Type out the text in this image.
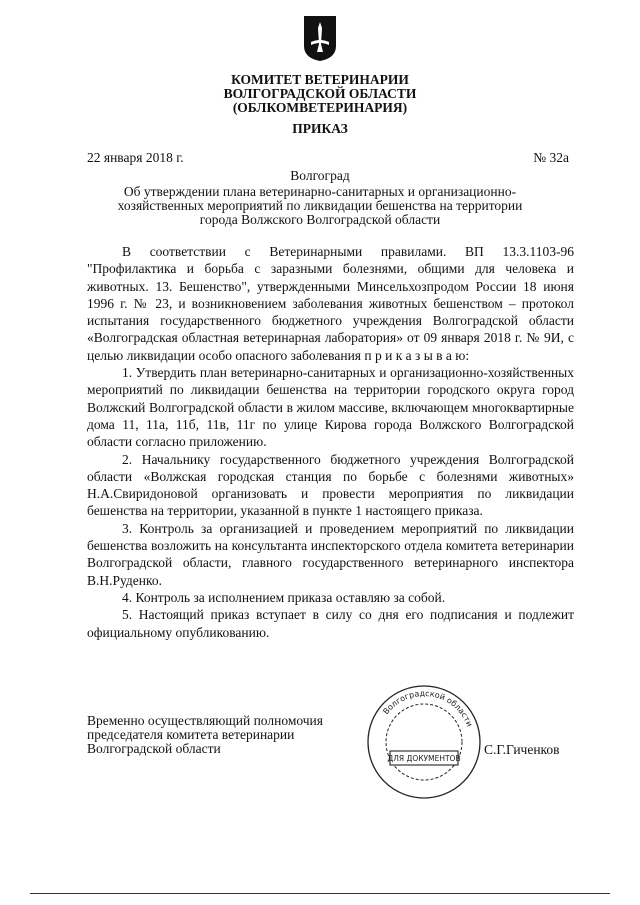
КОМИТЕТ ВЕТЕРИНАРИИ
ВОЛГОГРАДСКОЙ ОБЛАСТИ
(ОБЛКОМВЕТЕРИНАРИЯ)
ПРИКАЗ
22 января 2018 г.	№ 32а
Волгоград
Об утверждении плана ветеринарно-санитарных и организационно-
хозяйственных мероприятий по ликвидации бешенства на территории
города Волжского Волгоградской области

В соответствии с Ветеринарными правилами. ВП 13.3.1103-96 "Профилактика и борьба с заразными болезнями, общими для человека и животных. 13. Бешенство", утвержденными Минсельхозпродом России 18 июня 1996 г. № 23, и возникновением заболевания животных бешенством – протокол испытания государственного бюджетного учреждения Волгоградской области «Волгоградская областная ветеринарная лаборатория» от 09 января 2018 г. № 9И, с целью ликвидации особо опасного заболевания п р и к а з ы в а ю:

1. Утвердить план ветеринарно-санитарных и организационно-хозяйственных мероприятий по ликвидации бешенства на территории городского округа город Волжский Волгоградской области в жилом массиве, включающем многоквартирные дома 11, 11а, 11б, 11в, 11г по улице Кирова города Волжского Волгоградской области согласно приложению.

2. Начальнику государственного бюджетного учреждения Волгоградской области «Волжская городская станция по борьбе с болезнями животных» Н.А.Свиридоновой организовать и провести мероприятия по ликвидации бешенства на территории, указанной в пункте 1 настоящего приказа.

3. Контроль за организацией и проведением мероприятий по ликвидации бешенства возложить на консультанта инспекторского отдела комитета ветеринарии Волгоградской области, главного государственного ветеринарного инспектора В.Н.Руденко.

4. Контроль за исполнением приказа оставляю за собой.

5. Настоящий приказ вступает в силу со дня его подписания и подлежит официальному опубликованию.

Временно осуществляющий полномочия
председателя комитета ветеринарии
Волгоградской области
Волгоградской области
ДЛЯ ДОКУМЕНТОВ
С.Г.Гиченков
